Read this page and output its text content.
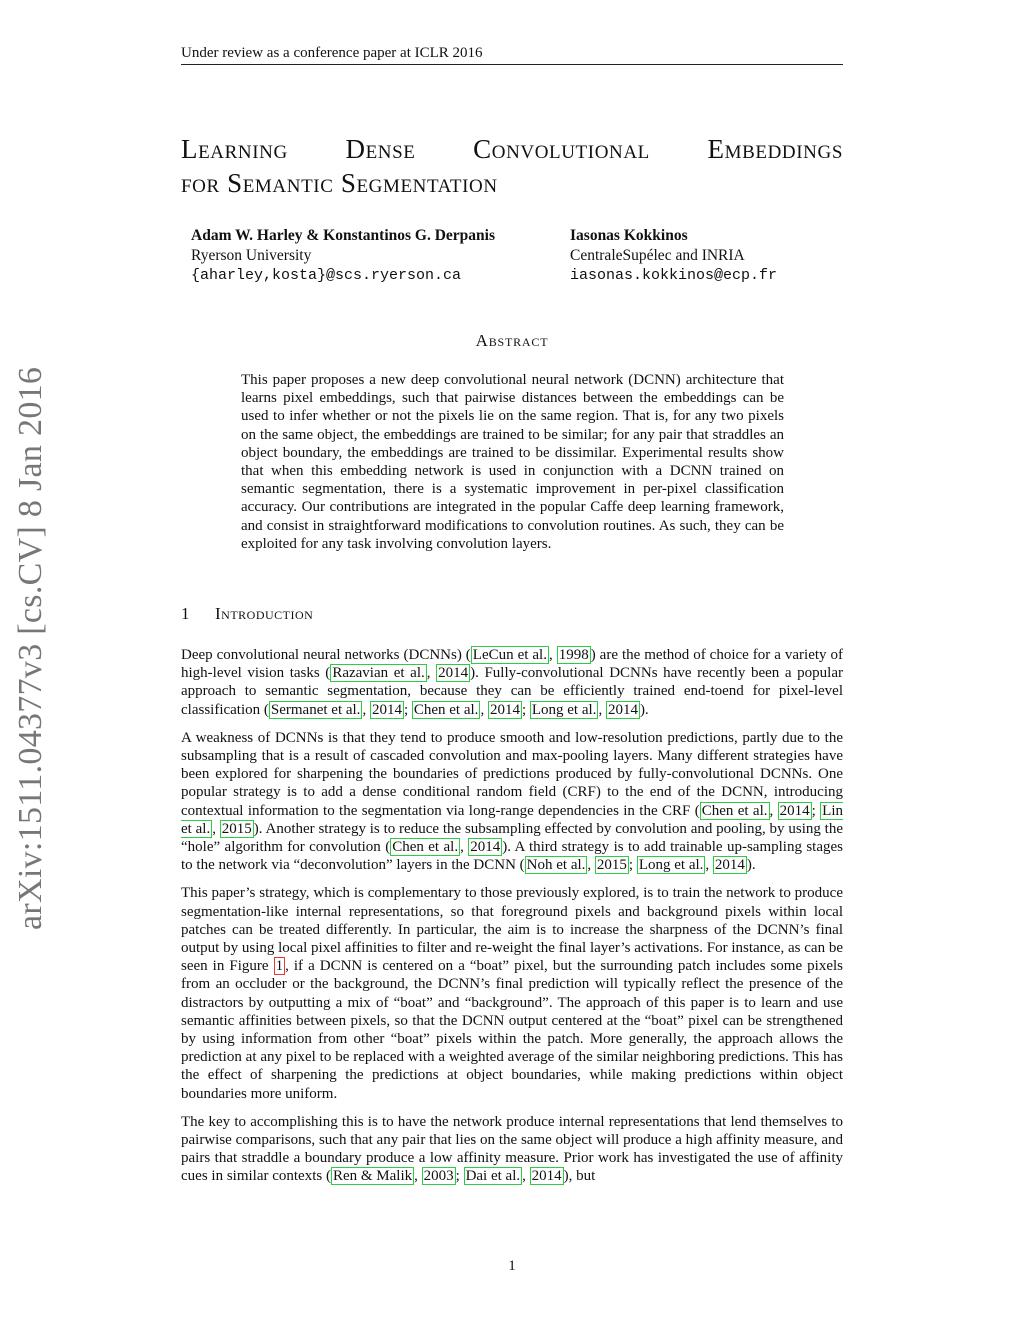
Under review as a conference paper at ICLR 2016
arXiv:1511.04377v3 [cs.CV] 8 Jan 2016
Learning Dense Convolutional Embeddings
for Semantic Segmentation
Adam W. Harley & Konstantinos G. Derpanis
Ryerson University
{aharley,kosta}@scs.ryerson.ca
Iasonas Kokkinos
CentraleSupélec and INRIA
iasonas.kokkinos@ecp.fr
Abstract
This paper proposes a new deep convolutional neural network (DCNN) architecture that learns pixel embeddings, such that pairwise distances between the embeddings can be used to infer whether or not the pixels lie on the same region. That is, for any two pixels on the same object, the embeddings are trained to be similar; for any pair that straddles an object boundary, the embeddings are trained to be dissimilar. Experimental results show that when this embedding network is used in conjunction with a DCNN trained on semantic segmentation, there is a systematic improvement in per-pixel classification accuracy. Our contributions are integrated in the popular Caffe deep learning framework, and consist in straightforward modifications to convolution routines. As such, they can be exploited for any task involving convolution layers.
1 Introduction

Deep convolutional neural networks (DCNNs) ( LeCun et al. , 1998 ) are the method of choice for a variety of high-level vision tasks ( Razavian et al. , 2014 ). Fully-convolutional DCNNs have recently been a popular approach to semantic segmentation, because they can be efficiently trained end-toend for pixel-level classification ( Sermanet et al. , 2014 ; Chen et al. , 2014 ; Long et al. , 2014 ).

A weakness of DCNNs is that they tend to produce smooth and low-resolution predictions, partly due to the subsampling that is a result of cascaded convolution and max-pooling layers. Many different strategies have been explored for sharpening the boundaries of predictions produced by fully-convolutional DCNNs. One popular strategy is to add a dense conditional random field (CRF) to the end of the DCNN, introducing contextual information to the segmentation via long-range dependencies in the CRF ( Chen et al. , 2014 ; Lin et al. , 2015 ). Another strategy is to reduce the subsampling effected by convolution and pooling, by using the “hole” algorithm for convolution ( Chen et al. , 2014 ). A third strategy is to add trainable up-sampling stages to the network via “deconvolution” layers in the DCNN ( Noh et al. , 2015 ; Long et al. , 2014 ).

This paper’s strategy, which is complementary to those previously explored, is to train the network to produce segmentation-like internal representations, so that foreground pixels and background pixels within local patches can be treated differently. In particular, the aim is to increase the sharpness of the DCNN’s final output by using local pixel affinities to filter and re-weight the final layer’s activations. For instance, as can be seen in Figure 1 , if a DCNN is centered on a “boat” pixel, but the surrounding patch includes some pixels from an occluder or the background, the DCNN’s final prediction will typically reflect the presence of the distractors by outputting a mix of “boat” and “background”. The approach of this paper is to learn and use semantic affinities between pixels, so that the DCNN output centered at the “boat” pixel can be strengthened by using information from other “boat” pixels within the patch. More generally, the approach allows the prediction at any pixel to be replaced with a weighted average of the similar neighboring predictions. This has the effect of sharpening the predictions at object boundaries, while making predictions within object boundaries more uniform.

The key to accomplishing this is to have the network produce internal representations that lend themselves to pairwise comparisons, such that any pair that lies on the same object will produce a high affinity measure, and pairs that straddle a boundary produce a low affinity measure. Prior work has investigated the use of affinity cues in similar contexts ( Ren & Malik , 2003 ; Dai et al. , 2014 ), but

1
